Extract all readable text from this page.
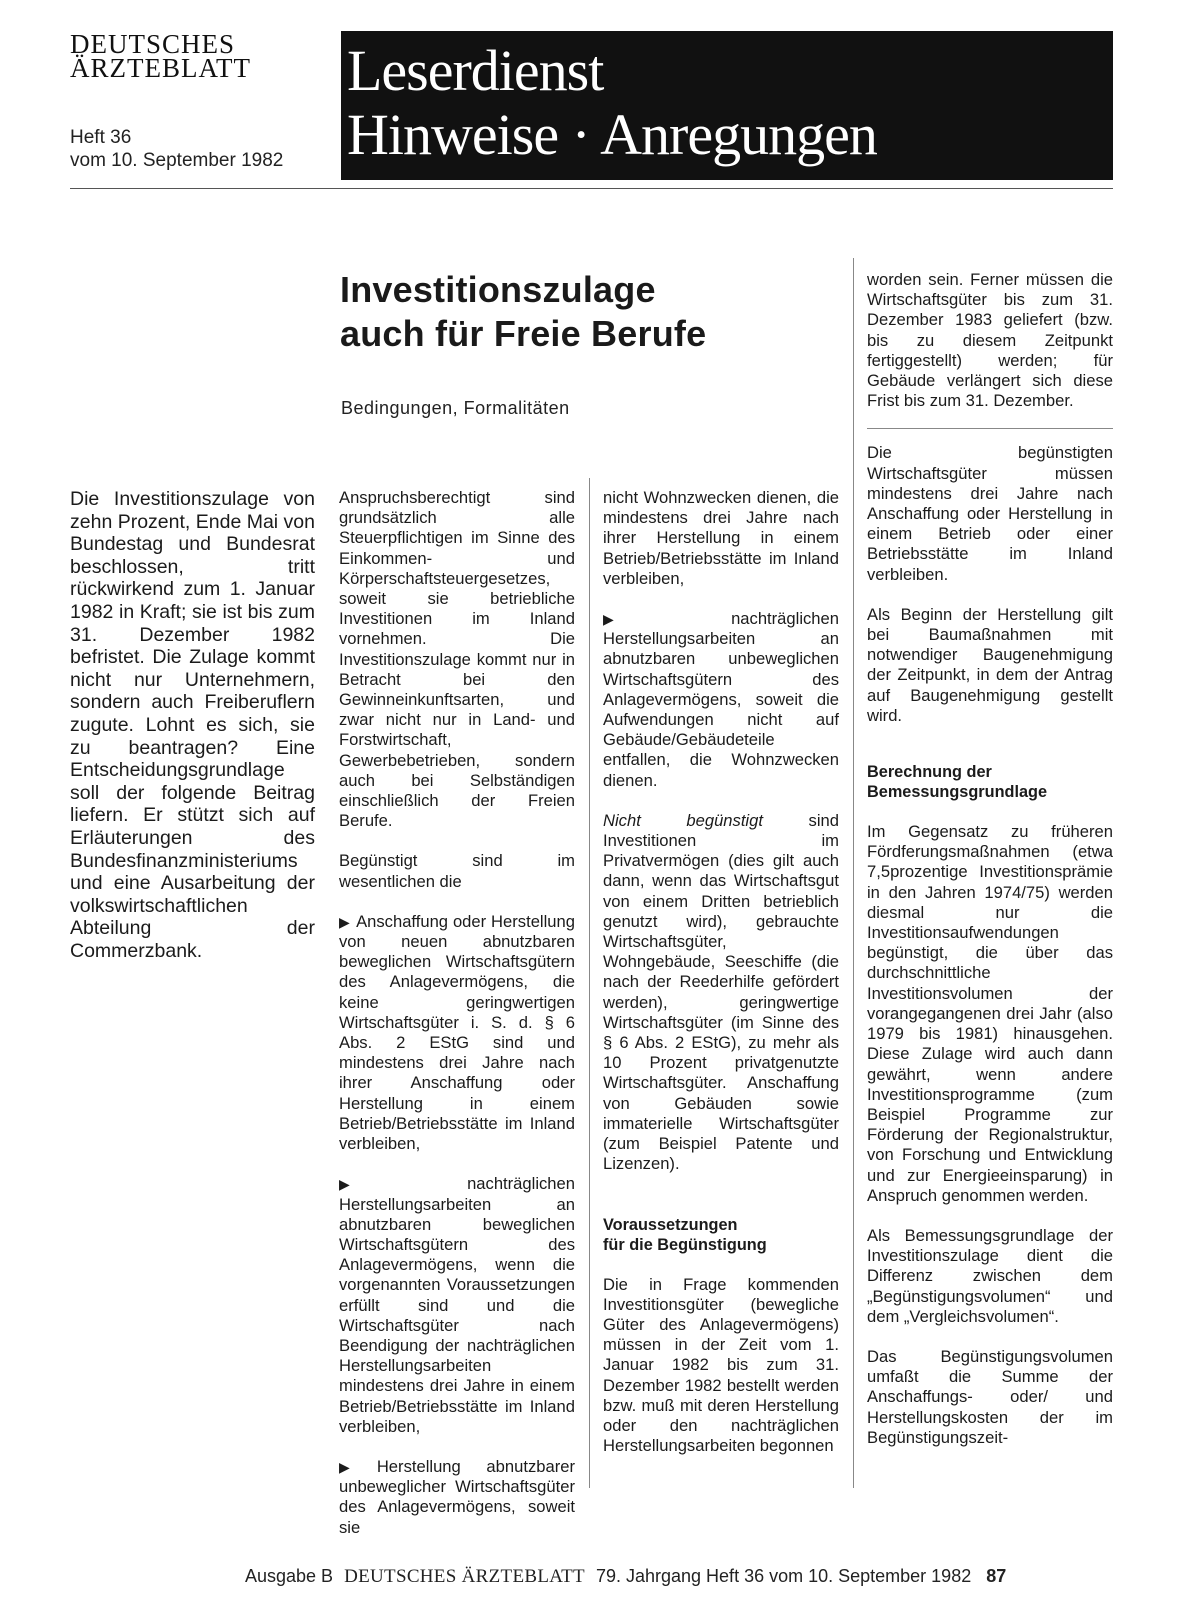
DEUTSCHES
ÄRZTEBLATT
Heft 36
vom 10. September 1982
Leserdienst
Hinweise · Anregungen
Investitionszulage
auch für Freie Berufe
Bedingungen, Formalitäten

Die Investitionszulage von zehn Prozent, Ende Mai von Bundestag und Bundesrat beschlossen, tritt rückwirkend zum 1. Januar 1982 in Kraft; sie ist bis zum 31. Dezember 1982 befristet. Die Zulage kommt nicht nur Unternehmern, sondern auch Freiberuflern zugute. Lohnt es sich, sie zu beantragen? Eine Entscheidungsgrundlage soll der folgende Beitrag liefern. Er stützt sich auf Erläuterungen des Bundesfinanzministeriums und eine Ausarbeitung der volkswirtschaftlichen Abteilung der Commerzbank.

Anspruchsberechtigt sind grundsätzlich alle Steuerpflichtigen im Sinne des Einkommen- und Körperschaftsteuergesetzes, soweit sie betriebliche Investitionen im Inland vornehmen. Die Investitionszulage kommt nur in Betracht bei den Gewinneinkunftsarten, und zwar nicht nur in Land- und Forstwirtschaft, Gewerbebetrieben, sondern auch bei Selbständigen einschließlich der Freien Berufe.

Begünstigt sind im wesentlichen die

▶ Anschaffung oder Herstellung von neuen abnutzbaren beweglichen Wirtschaftsgütern des Anlagevermögens, die keine geringwertigen Wirtschaftsgüter i. S. d. § 6 Abs. 2 EStG sind und mindestens drei Jahre nach ihrer Anschaffung oder Herstellung in einem Betrieb/Betriebsstätte im Inland verbleiben,

▶ nachträglichen Herstellungsarbeiten an abnutzbaren beweglichen Wirtschaftsgütern des Anlagevermögens, wenn die vorgenannten Voraussetzungen erfüllt sind und die Wirtschaftsgüter nach Beendigung der nachträglichen Herstellungsarbeiten mindestens drei Jahre in einem Betrieb/Betriebsstätte im Inland verbleiben,

▶ Herstellung abnutzbarer unbeweglicher Wirtschaftsgüter des Anlagevermögens, soweit sie

nicht Wohnzwecken dienen, die mindestens drei Jahre nach ihrer Herstellung in einem Betrieb/Betriebsstätte im Inland verbleiben,

▶ nachträglichen Herstellungsarbeiten an abnutzbaren unbeweglichen Wirtschaftsgütern des Anlagevermögens, soweit die Aufwendungen nicht auf Gebäude/Gebäudeteile entfallen, die Wohnzwecken dienen.

Nicht begünstigt sind Investitionen im Privatvermögen (dies gilt auch dann, wenn das Wirtschaftsgut von einem Dritten betrieblich genutzt wird), gebrauchte Wirtschaftsgüter, Wohngebäude, Seeschiffe (die nach der Reederhilfe gefördert werden), geringwertige Wirtschaftsgüter (im Sinne des § 6 Abs. 2 EStG), zu mehr als 10 Prozent privatgenutzte Wirtschaftsgüter. Anschaffung von Gebäuden sowie immaterielle Wirtschaftsgüter (zum Beispiel Patente und Lizenzen).

Voraussetzungen
für die Begünstigung

Die in Frage kommenden Investitionsgüter (bewegliche Güter des Anlagevermögens) müssen in der Zeit vom 1. Januar 1982 bis zum 31. Dezember 1982 bestellt werden bzw. muß mit deren Herstellung oder den nachträglichen Herstellungsarbeiten begonnen

worden sein. Ferner müssen die Wirtschaftsgüter bis zum 31. Dezember 1983 geliefert (bzw. bis zu diesem Zeitpunkt fertiggestellt) werden; für Gebäude verlängert sich diese Frist bis zum 31. Dezember.

Die begünstigten Wirtschaftsgüter müssen mindestens drei Jahre nach Anschaffung oder Herstellung in einem Betrieb oder einer Betriebsstätte im Inland verbleiben.

Als Beginn der Herstellung gilt bei Baumaßnahmen mit notwendiger Baugenehmigung der Zeitpunkt, in dem der Antrag auf Baugenehmigung gestellt wird.

Berechnung der
Bemessungsgrundlage

Im Gegensatz zu früheren Fördferungsmaßnahmen (etwa 7,5prozentige Investitionsprämie in den Jahren 1974/75) werden diesmal nur die Investitionsaufwendungen begünstigt, die über das durchschnittliche Investitionsvolumen der vorangegangenen drei Jahr (also 1979 bis 1981) hinausgehen. Diese Zulage wird auch dann gewährt, wenn andere Investitionsprogramme (zum Beispiel Programme zur Förderung der Regionalstruktur, von Forschung und Entwicklung und zur Energieeinsparung) in Anspruch genommen werden.

Als Bemessungsgrundlage der Investitionszulage dient die Differenz zwischen dem „Begünstigungsvolumen“ und dem „Vergleichsvolumen“.

Das Begünstigungsvolumen umfaßt die Summe der Anschaffungs- oder/ und Herstellungskosten der im Begünstigungszeit-

Ausgabe B DEUTSCHES ÄRZTEBLATT 79. Jahrgang Heft 36 vom 10. September 1982 87
